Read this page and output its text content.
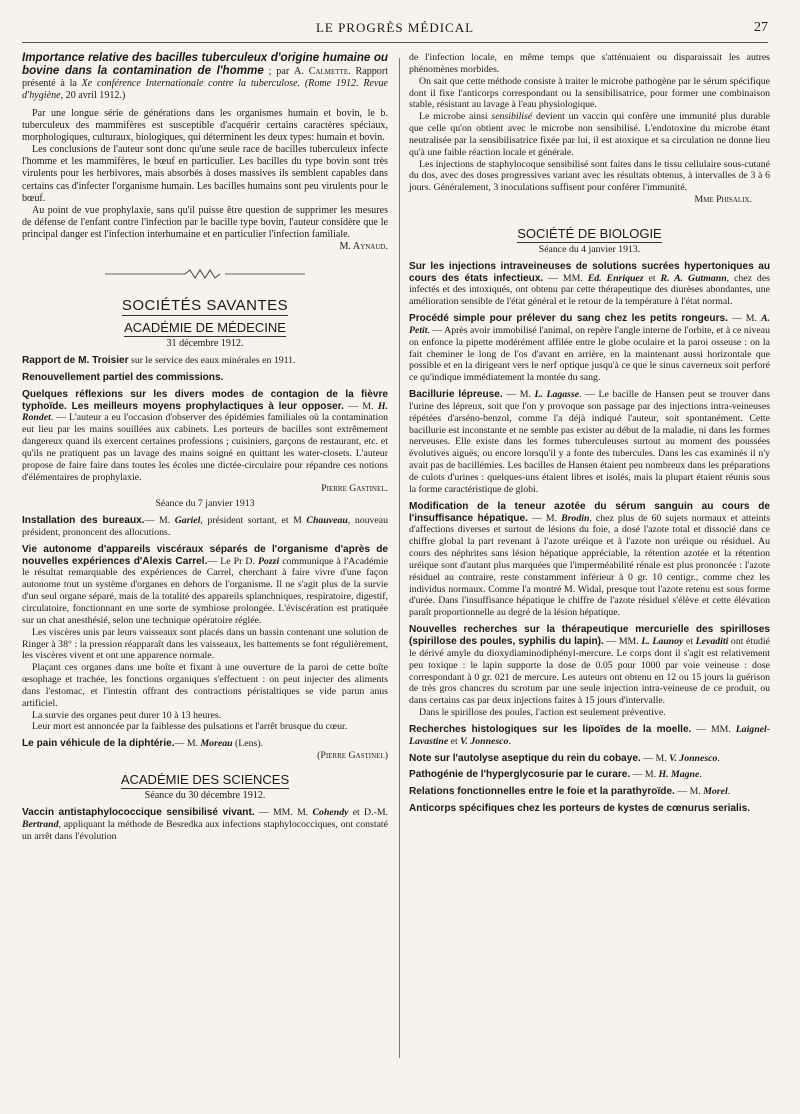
LE PROGRÈS MÉDICAL	27

Importance relative des bacilles tuberculeux d'origine humaine ou bovine dans la contamination de l'homme ; par A. Calmette. Rapport présenté à la Xe conférence Internationale contre la tuberculose. (Rome 1912. Revue d'hygiène, 20 avril 1912.)

Par une longue série de générations dans les organismes humain et bovin, le b. tuberculeux des mammifères est susceptible d'acquérir certains caractères spéciaux, morphologiques, culturaux, biologiques, qui déterminent les deux types: humain et bovin.

Les conclusions de l'auteur sont donc qu'une seule race de bacilles tuberculeux infecte l'homme et les mammifères, le bœuf en particulier. Les bacilles du type bovin sont très virulents pour les herbivores, mais absorbés à doses massives ils semblent capables dans certains cas d'infecter l'organisme humain. Les bacilles humains sont peu virulents pour le bœuf.

Au point de vue prophylaxie, sans qu'il puisse être question de supprimer les mesures de défense de l'enfant contre l'infection par le bacille type bovin, l'auteur considère que le principal danger est l'infection interhumaine et en particulier l'infection familiale.

M. Aynaud.
SOCIÉTÉS SAVANTES
ACADÉMIE DE MÉDECINE

31 décembre 1912.

Rapport de M. Troisier sur le service des eaux minérales en 1911.

Renouvellement partiel des commissions.

Quelques réflexions sur les divers modes de contagion de la fièvre typhoïde. Les meilleurs moyens prophylactiques à leur opposer. — M. H. Rondet. — L'auteur a eu l'occasion d'observer des épidémies familiales où la contamination eut lieu par les mains souillées aux cabinets. Les porteurs de bacilles sont extrêmement dangereux quand ils exercent certaines professions ; cuisiniers, garçons de restaurant, etc. et qu'ils ne pratiquent pas un lavage des mains soigné en quittant les water-closets. L'auteur propose de faire faire dans toutes les écoles une dictée-circulaire pour répandre ces notions d'élémentaires de prophylaxie.

Pierre Gastinel.

Séance du 7 janvier 1913

Installation des bureaux.— M. Gariel, président sortant, et M Chauveau, nouveau président, prononcent des allocutions.

Vie autonome d'appareils viscéraux séparés de l'organisme d'après de nouvelles expériences d'Alexis Carrel.— Le Pr D. Pozzi communique à l'Académie le résultat remarquable des expériences de Carrel, cherchant à faire vivre d'une façon autonome tout un système d'organes en dehors de l'organisme. Il ne s'agit plus de la survie d'un seul organe séparé, mais de la totalité des appareils splanchniques, respiratoire, digestif, circulatoire, fonctionnant en une sorte de symbiose prolongée. L'éviscération est pratiquée sur un chat anesthésié, selon une technique opératoire réglée.

Les viscères unis par leurs vaisseaux sont placés dans un bassin contenant une solution de Ringer à 38° : la pression réapparaît dans les vaisseaux, les battements se font régulièrement, les viscères vivent et ont une apparence normale.

Plaçant ces organes dans une boîte et fixant à une ouverture de la paroi de cette boîte œsophage et trachée, les fonctions organiques s'effectuent : on peut injecter des aliments dans l'estomac, et l'intestin offrant des contractions péristaltiques se vide parun anus artificiel.

La survie des organes peut durer 10 à 13 heures.

Leur mort est annoncée par la faiblesse des pulsations et l'arrêt brusque du cœur.

Le pain véhicule de la diphtérie.— M. Moreau (Lens).

(Pierre Gastinel)
ACADÉMIE DES SCIENCES

Séance du 30 décembre 1912.

Vaccin antistaphylococcique sensibilisé vivant. — MM. M. Cohendy et D.-M. Bertrand, appliquant la méthode de Besredka aux infections staphylococciques, ont constaté un arrêt dans l'évolution

de l'infection locale, en même temps que s'atténuaient ou disparaissait les autres phénomènes morbides.

On sait que cette méthode consiste à traiter le microbe pathogène par le sérum spécifique dont il fixe l'anticorps correspondant ou la sensibilisatrice, pour former une combinaison stable, résistant au lavage à l'eau physiologique.

Le microbe ainsi sensibilisé devient un vaccin qui confère une immunité plus durable que celle qu'on obtient avec le microbe non sensibilisé. L'endotoxine du microbe étant neutralisée par la sensibilisatrice fixée par lui, il est atoxique et sa circulation ne donne lieu qu'à une faible réaction locale et générale.

Les injections de staphylocoque sensibilisé sont faites dans le tissu cellulaire sous-cutané du dos, avec des doses progressives variant avec les résultats obtenus, à intervalles de 3 à 6 jours. Généralement, 3 inoculations suffisent pour conférer l'immunité.

Mme Phisalix.
SOCIÉTÉ DE BIOLOGIE

Séance du 4 janvier 1913.

Sur les injections intraveineuses de solutions sucrées hypertoniques au cours des états infectieux. — MM. Ed. Enriquez et R. A. Gutmann, chez des infectés et des intoxiqués, ont obtenu par cette thérapeutique des diurèses abondantes, une amélioration sensible de l'état général et le retour de la température à l'état normal.

Procédé simple pour prélever du sang chez les petits rongeurs. — M. A. Petit. — Après avoir immobilisé l'animal, on repère l'angle interne de l'orbite, et à ce niveau on enfonce la pipette modérément affilée entre le globe oculaire et la paroi osseuse : on la fait cheminer le long de l'os d'avant en arrière, en la maintenant aussi horizontale que possible et en la dirigeant vers le nerf optique jusqu'à ce que le sinus caverneux soit perforé ce qu'indique immédiatement la montée du sang.

Bacillurie lépreuse. — M. L. Lagasse. — Le bacille de Hansen peut se trouver dans l'urine des lépreux, soit que l'on y provoque son passage par des injections intra-veineuses répétées d'arséno-benzol, comme l'a déjà indiqué l'auteur, soit spontanément. Cette bacillurie est inconstante et ne semble pas exister au début de la maladie, ni dans les formes nerveuses. Elle existe dans les formes tuberculeuses surtout au moment des poussées évolutives aiguës, ou encore lorsqu'il y a fonte des tubercules. Dans les cas examinés il n'y avait pas de bacillémies. Les bacilles de Hansen étaient peu nombreux dans les préparations de culots d'urines : quelques-uns étaient libres et isolés, mais la plupart étaient réunis sous la forme caractéristique de globi.

Modification de la teneur azotée du sérum sanguin au cours de l'insuffisance hépatique. — M. Brodin, chez plus de 60 sujets normaux et atteints d'affections diverses et surtout de lésions du foie, a dosé l'azote total et dissocié dans ce chiffre global la part revenant à l'azote uréique et à l'azote non uréique ou résiduel. Au cours des néphrites sans lésion hépatique appréciable, la rétention azotée et la rétention uréique sont d'autant plus marquées que l'imperméabilité rénale est plus prononcée : l'azote résiduel au contraire, reste constamment inférieur à 0 gr. 10 centigr., comme chez les individus normaux. Comme l'a montré M. Widal, presque tout l'azote retenu est sous forme d'urée. Dans l'insuffisance hépatique le chiffre de l'azote résiduel s'élève et cette élévation paraît proportionnelle au degré de la lésion hépatique.

Nouvelles recherches sur la thérapeutique mercurielle des spirilloses (spirillose des poules, syphilis du lapin). — MM. L. Launoy et Levaditi ont étudié le dérivé amyle du dioxydiaminodiphényl-mercure. Le corps dont il s'agit est relativement peu toxique : le lapin supporte la dose de 0.05 pour 1000 par voie veineuse : dose correspondant à 0 gr. 021 de mercure. Les auteurs ont obtenu en 12 ou 15 jours la guérison de très gros chancres du scrotum par une seule injection intra-veineuse de ce produit, ou dans certains cas par deux injections faites à 15 jours d'intervalle.

Dans le spirillose des poules, l'action est seulement préventive.

Recherches histologiques sur les lipoïdes de la moelle. — MM. Laignel-Lavastine et V. Jonnesco.

Note sur l'autolyse aseptique du rein du cobaye. — M. V. Jonnesco.

Pathogénie de l'hyperglycosurie par le curare. — M. H. Magne.

Relations fonctionnelles entre le foie et la parathyroïde. — M. Morel.

Anticorps spécifiques chez les porteurs de kystes de cœnurus serialis.
